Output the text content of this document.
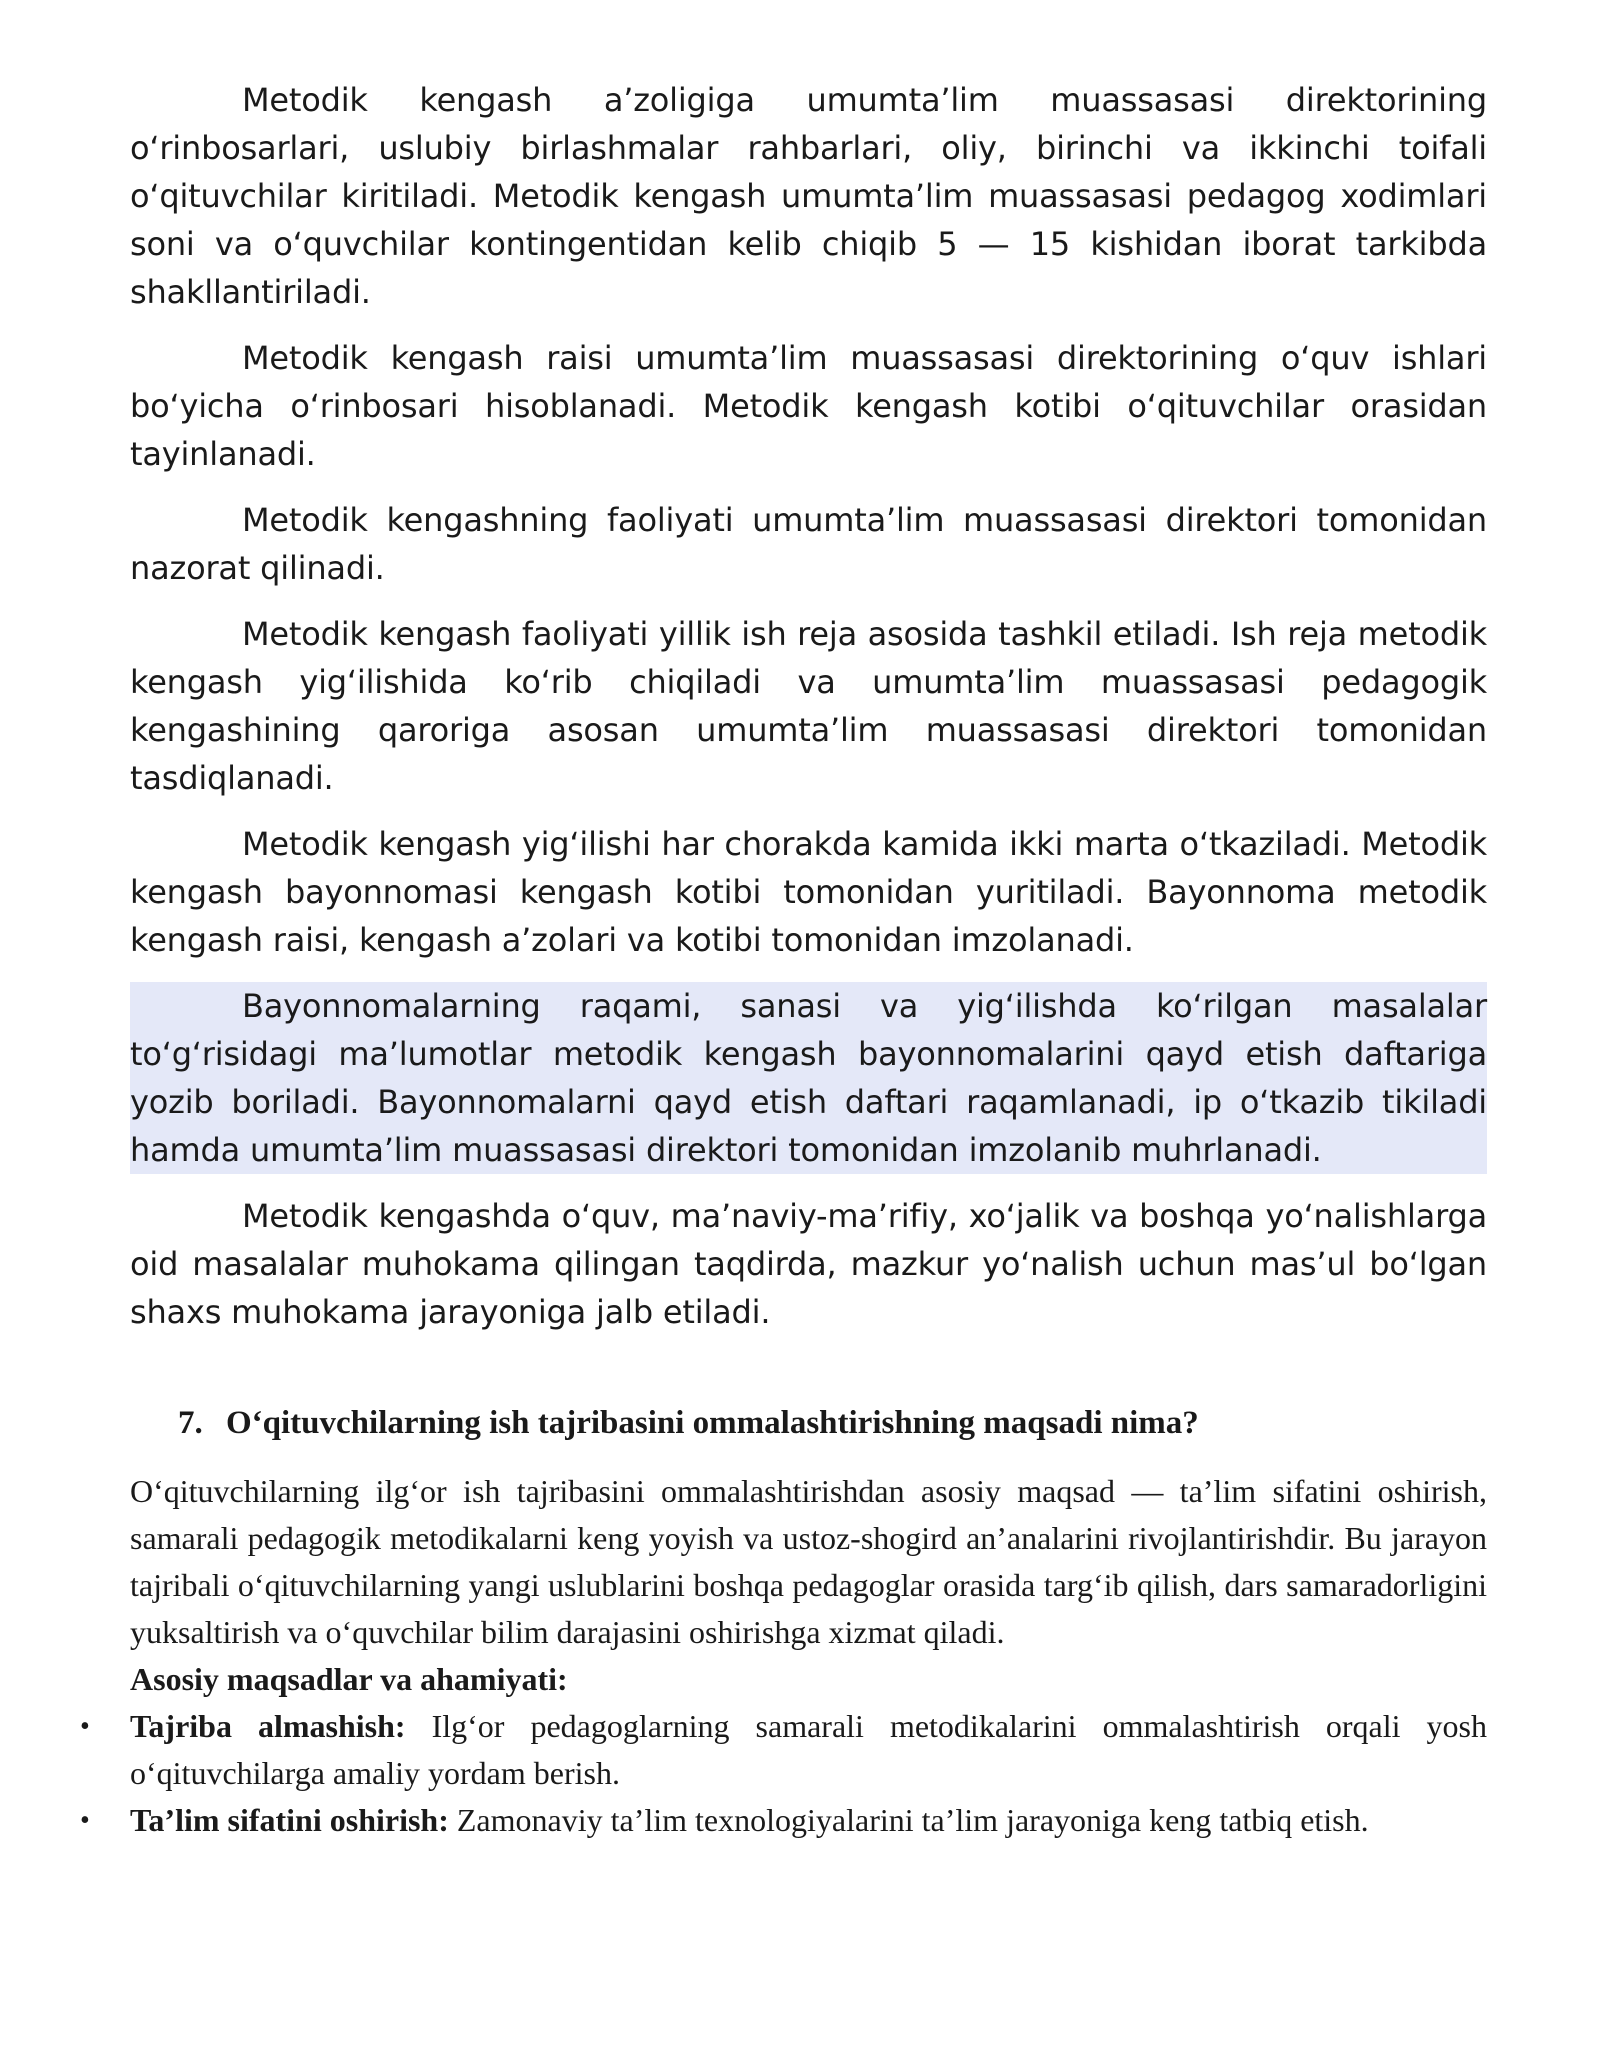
Metodik kengash a’zoligiga umumta’lim muassasasi direktorining o‘rinbosarlari, uslubiy birlashmalar rahbarlari, oliy, birinchi va ikkinchi toifali o‘qituvchilar kiritiladi. Metodik kengash umumta’lim muassasasi pedagog xodimlari soni va o‘quvchilar kontingentidan kelib chiqib 5 — 15 kishidan iborat tarkibda shakllantiriladi.

Metodik kengash raisi umumta’lim muassasasi direktorining o‘quv ishlari bo‘yicha o‘rinbosari hisoblanadi. Metodik kengash kotibi o‘qituvchilar orasidan tayinlanadi.

Metodik kengashning faoliyati umumta’lim muassasasi direktori tomonidan nazorat qilinadi.

Metodik kengash faoliyati yillik ish reja asosida tashkil etiladi. Ish reja metodik kengash yig‘ilishida ko‘rib chiqiladi va umumta’lim muassasasi pedagogik kengashining qaroriga asosan umumta’lim muassasasi direktori tomonidan tasdiqlanadi.

Metodik kengash yig‘ilishi har chorakda kamida ikki marta o‘tkaziladi. Metodik kengash bayonnomasi kengash kotibi tomonidan yuritiladi. Bayonnoma metodik kengash raisi, kengash a’zolari va kotibi tomonidan imzolanadi.

Bayonnomalarning raqami, sanasi va yig‘ilishda ko‘rilgan masalalar to‘g‘risidagi ma’lumotlar metodik kengash bayonnomalarini qayd etish daftariga yozib boriladi. Bayonnomalarni qayd etish daftari raqamlanadi, ip o‘tkazib tikiladi hamda umumta’lim muassasasi direktori tomonidan imzolanib muhrlanadi.

Metodik kengashda o‘quv, ma’naviy-ma’rifiy, xo‘jalik va boshqa yo‘nalishlarga oid masalalar muhokama qilingan taqdirda, mazkur yo‘nalish uchun mas’ul bo‘lgan shaxs muhokama jarayoniga jalb etiladi.

7. O‘qituvchilarning ish tajribasini ommalashtirishning maqsadi nima?

O‘qituvchilarning ilg‘or ish tajribasini ommalashtirishdan asosiy maqsad — ta’lim sifatini oshirish, samarali pedagogik metodikalarni keng yoyish va ustoz-shogird an’analarini rivojlantirishdir. Bu jarayon tajribali o‘qituvchilarning yangi uslublarini boshqa pedagoglar orasida targ‘ib qilish, dars samaradorligini yuksaltirish va o‘quvchilar bilim darajasini oshirishga xizmat qiladi.

Asosiy maqsadlar va ahamiyati:

• Tajriba almashish: Ilg‘or pedagoglarning samarali metodikalarini ommalashtirish orqali yosh o‘qituvchilarga amaliy yordam berish.
• Ta’lim sifatini oshirish: Zamonaviy ta’lim texnologiyalarini ta’lim jarayoniga keng tatbiq etish.
